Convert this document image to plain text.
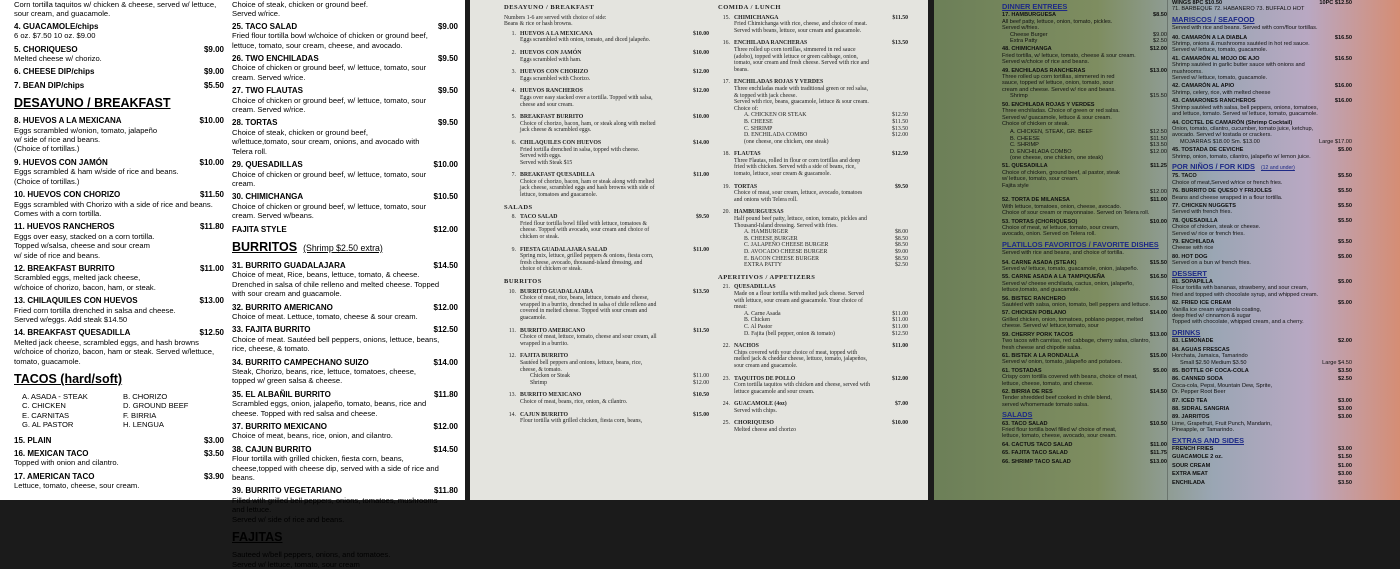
Corn tortilla taquitos w/ chicken & cheese, served w/ lettuce, sour cream, and guacamole.
4. GUACAMOLE/chips
6 oz. $7.50 10 oz. $9.00
5. CHORIQUESO	$9.00
Melted cheese w/ chorizo.
6. CHEESE DIP/chips	$9.00
7. BEAN DIP/chips	$5.50
DESAYUNO / BREAKFAST
8. HUEVOS A LA MEXICANA	$10.00
Eggs scrambled w/onion, tomato, jalapeño
w/ side of rice and beans.
(Choice of tortillas.)
9. HUEVOS CON JAMÓN	$10.00
Eggs scrambled & ham w/side of rice and beans.
(Choice of tortillas.)
10. HUEVOS CON CHORIZO	$11.50
Eggs scrambled with Chorizo with a side of rice and beans.
Comes with a corn tortilla.
11. HUEVOS RANCHEROS	$11.80
Eggs over easy, stacked on a corn tortilla.
Topped w/salsa, cheese and sour cream
w/ side of rice and beans.
12. BREAKFAST BURRITO	$11.00
Scrambled eggs, melted jack cheese,
w/choice of chorizo, bacon, ham, or steak.
13. CHILAQUILES CON HUEVOS	$13.00
Fried corn tortilla drenched in salsa and cheese.
Served w/eggs. Add steak $14.50
14. BREAKFAST QUESADILLA	$12.50
Melted jack cheese, scrambled eggs, and hash browns
w/choice of chorizo, bacon, ham or steak. Served w/lettuce,
tomato, guacamole.
TACOS (hard/soft)
A. ASADA - STEAK	B. CHORIZO
C. CHICKEN	D. GROUND BEEF
E. CARNITAS	F. BIRRIA
G. AL PASTOR	H. LENGUA
15. PLAIN	$3.00
16. MEXICAN TACO	$3.50
Topped with onion and cilantro.
17. AMERICAN TACO	$3.90
Lettuce, tomato, cheese, sour cream.
Choice of steak, chicken or ground beef.
Served w/rice.
25. TACO SALAD	$9.00
Fried flour tortilla bowl w/choice of chicken or ground beef,
lettuce, tomato, sour cream, cheese, and avocado.
26. TWO ENCHILADAS	$9.50
Choice of chicken or ground beef, w/ lettuce, tomato, sour
cream. Served w/rice.
27. TWO FLAUTAS	$9.50
Choice of chicken or ground beef, w/ lettuce, tomato, sour
cream. Served w/rice.
28. TORTAS	$9.50
Choice of steak, chicken or ground beef,
w/lettuce,tomato, sour cream, onions, and avocado with
Telera roll.
29. QUESADILLAS	$10.00
Choice of chicken or ground beef, w/ lettuce, tomato, sour
cream.
30. CHIMICHANGA	$10.50
Choice of chicken or ground beef, w/ lettuce, tomato, sour
cream. Served w/beans.
FAJITA STYLE	$12.00
BURRITOS (Shrimp $2.50 extra)
31. BURRITO GUADALAJARA	$14.50
Choice of meat, Rice, beans, lettuce, tomato, & cheese.
Drenched in salsa of chile relleno and melted cheese. Topped
with sour cream and guacamole.
32. BURRITO AMERICANO	$12.00
Choice of meat. Lettuce, tomato, cheese & sour cream.
33. FAJITA BURRITO	$12.50
Choice of meat. Sautéed bell peppers, onions, lettuce, beans,
rice, cheese, & tomato.
34. BURRITO CAMPECHANO SUIZO	$14.00
Steak, Chorizo, beans, rice, lettuce, tomatoes, cheese,
topped w/ green salsa & cheese.
35. EL ALBAÑIL BURRITO	$11.80
Scrambled eggs, onion, jalapeño, tomato, beans, rice and
cheese. Topped with red salsa and cheese.
37. BURRITO MEXICANO	$12.00
Choice of meat, beans, rice, onion, and cilantro.
38. CAJUN BURRITO	$14.50
Flour tortilla with grilled chicken, fiesta corn, beans,
cheese,topped with cheese dip, served with a side of rice and
beans.
39. BURRITO VEGETARIANO	$11.80
Filled with grilled bell peppers, onions, tomatoes, mushrooms
and lettuce.
Served w/ side of rice and beans.
FAJITAS
Sauteed w/bell peppers, onions, and tomatoes.
Served w/ lettuce, tomato, sour cream
DESAYUNO / BREAKFAST
Numbers 1-6 are served with choice of side:
Beans & rice or hash browns.
1. HUEVOS A LA MEXICANA	$10.00
Eggs scrambled with onion, tomato, and diced jalapeño.
2. HUEVOS CON JAMÓN	$10.00
Eggs scrambled with ham.
3. HUEVOS CON CHORIZO	$12.00
Eggs scrambled with Chorizo.
4. HUEVOS RANCHEROS	$12.00
Eggs over easy stacked over a tortilla. Topped with salsa,
cheese and sour cream.
5. BREAKFAST BURRITO	$10.00
Choice of chorizo, bacon, ham, or steak along with melted
jack cheese & scrambled eggs.
6. CHILAQUILES CON HUEVOS	$14.00
Fried tortilla drenched in salsa, topped with cheese.
Served with eggs.
Served with Steak $15
7. BREAKFAST QUESADILLA	$11.00
Choice of chorizo, bacon, ham or steak along with melted
jack cheese, scrambled eggs and hash browns with side of
lettuce, tomatoes and guacamole.
SALADS
8. TACO SALAD	$9.50
Fried flour tortilla bowl filled with lettuce, tomatoes &
cheese. Topped with avocado, sour cream and choice of
chicken or steak.
9. FIESTA GUADALAJARA SALAD	$11.00
Spring mix, lettuce, grilled peppers & onions, fiesta corn,
fresh cheese, avocado, thousand-island dressing, and
choice of chicken or steak.
BURRITOS
10. BURRITO GUADALAJARA	$13.50
Choice of meat, rice, beans, lettuce, tomato and cheese,
wrapped in a burrito, drenched in salsa of chile relleno and
covered in melted cheese. Topped with sour cream and
guacamole.
11. BURRITO AMERICANO	$11.50
Choice of meat, lettuce, tomato, cheese and sour cream, all
wrapped in a burrito.
12. FAJITA BURRITO
Sautéed bell peppers and onions, lettuce, beans, rice,
cheese, & tomato.
Chicken or Steak	$11.00
Shrimp	$12.00
13. BURRITO MEXICANO	$10.50
Choice of meat, beans, rice, onion, & cilantro.
14. CAJUN BURRITO	$15.00
Flour tortilla with grilled chicken, fiesta corn, beans,
COMIDA / LUNCH
15. CHIMICHANGA	$11.50
Fried Chimichanga with rice, cheese, and choice of meat.
Served with beans, lettuce, sour cream and guacamole.
16. ENCHILADA RANCHERAS	$13.50
Three rolled up corn tortillas, simmered in red sauce
(adobo), topped with lettuce or green cabbage, onion,
tomato, sour cream and fresh cheese. Served with rice and
beans.
17. ENCHILADAS ROJAS Y VERDES
Three enchiladas made with traditional green or red salsa,
& topped with jack cheese.
Served with rice, beans, guacamole, lettuce & sour cream.
Choice of:
A. CHICKEN OR STEAK	$12.50
B. CHEESE	$11.50
C. SHRIMP	$13.50
D. ENCHILADA COMBO	$12.00
(one cheese, one chicken, one steak)
18. FLAUTAS	$12.50
Three Flautas, rolled in flour or corn tortillas and deep
fried with chicken. Served with a side of beans, rice,
tomato, lettuce, sour cream & guacamole.
19. TORTAS	$9.50
Choice of meat, sour cream, lettuce, avocado, tomatoes
and onions with Telera roll.
20. HAMBURGUESAS
Half pound beef patty, lettuce, onion, tomato, pickles and
Thousand-Island dressing. Served with fries.
A. HAMBURGER	$8.00
B. CHEESE BURGER	$8.50
C. JALAPEÑO CHEESE BURGER	$8.50
D. AVOCADO CHEESE BURGER	$9.00
E. BACON CHEESE BURGER	$8.50
EXTRA PATTY	$2.50
APERITIVOS / APPETIZERS
21. QUESADILLAS
Made on a flour tortilla with melted jack cheese. Served
with lettuce, sour cream and guacamole. Your choice of
meat:
A. Carne Asada	$11.00
B. Chicken	$11.00
C. Al Pastor	$11.00
D. Fajita (bell pepper, onion & tomato)	$12.50
22. NACHOS	$11.00
Chips covered with your choice of meat, topped with
melted jack & cheddar cheese, lettuce, tomato, jalapeños,
sour cream and guacamole.
23. TAQUITOS DE POLLO	$12.00
Corn tortilla taquitos with chicken and cheese, served with
lettuce guacamole and sour cream.
24. GUACAMOLE (4oz)	$7.00
Served with chips.
25. CHORIQUESO	$10.00
Melted cheese and chorizo
DINNER ENTREES
17. HAMBURGUESA	$8.50
All beef patty, lettuce, onion, tomato, pickles.
Served w/fries.
Cheese Burger	$9.00
Extra Patty	$2.50
48. CHIMICHANGA	$12.00
Fried tortilla, w/ lettuce, tomato, cheese & sour cream.
Served w/choice of rice and beans.
49. ENCHILADAS RANCHERAS	$13.00
Three rolled up corn tortillas, simmered in red
sauce, topped w/ lettuce, onion, tomato, sour
cream and cheese. Served w/ rice and beans.
Shrimp	$15.50
50. ENCHILADA ROJAS Y VERDES
Three enchiladas. Choice of green or red salsa.
Served w/ guacamole, lettuce & sour cream.
Choice of chicken or steak.
A. CHICKEN, STEAK, GR. BEEF	$12.50
B. CHEESE	$11.50
C. SHRIMP	$13.50
D. ENCHILADA COMBO	$12.00
(one cheese, one chicken, one steak)
51. QUESADILLA	$11.25
Choice of chicken, ground beef, al pastor, steak
w/ lettuce, tomato, sour cream.
Fajita style
$12.00
52. TORTA DE MILANESA	$11.00
With lettuce, tomatoes, onion, cheese, avocado.
Choice of sour cream or mayonnaise. Served on Telera roll.
53. TORTAS (CHORIQUESO)	$10.00
Choice of meat, w/ lettuce, tomato, sour cream,
avocado, onion. Served on Telera roll.
PLATILLOS FAVORITOS / FAVORITE DISHES
Served with rice and beans, and choice of tortilla.
54. CARNE ASADA (STEAK)	$15.50
Served w/ lettuce, tomato, guacamole, onion, jalapeño.
55. CARNE ASADA A LA TAMPIQUEÑA	$16.50
Served w/ cheese enchilada, cactus, onion, jalapeño,
lettuce,tomato, and guacamole.
56. BISTEC RANCHERO	$16.50
Sautéed with salsa, onion, tomato, bell peppers and lettuce.
57. CHICKEN POBLANO	$14.00
Grilled chicken, onion, tomatoes, poblano pepper, melted
cheese. Served w/ lettuce,tomato, sour
59. CHERRY PORK TACOS	$13.00
Two tacos with carnitas, red cabbage, cherry salsa, cilantro,
fresh cheese and chipotle salsa.
61. BISTEK A LA RONDALLA	$15.00
Served w/ onion, tomato, jalapeño and potatoes.
61. TOSTADAS	$5.00
Crispy corn tortilla covered with beans, choice of meat,
lettuce, cheese, tomato, and cheese.
62. BIRRIA DE RES	$14.50
Tender shredded beef cooked in chile blend,
served w/homemade tomato salsa.
SALADS
63. TACO SALAD	$10.50
Fried flour tortilla bowl filled w/ choice of meat,
lettuce, tomato, cheese, avocado, sour cream.
64. CACTUS TACO SALAD	$11.00
65. FAJITA TACO SALAD	$11.75
66. SHRIMP TACO SALAD	$13.00
WINGS 8PC $10.50	10PC $12.50
71. BARBEQUE 72. HABANERO 73. BUFFALO HOT
MARISCOS / SEAFOOD
Served with rice and beans. Served with corn/flour tortillas.
40. CAMARÓN A LA DIABLA	$16.50
Shrimp, onions & mushrooms sautéed in hot red sauce.
Served w/ lettuce, tomato, guacamole.
41. CAMARÓN AL MOJO DE AJO	$16.50
Shrimp sautéed in garlic butter sauce with onions and
mushrooms.
Served w/ lettuce, tomato, guacamole.
42. CAMARÓN AL APIO	$16.00
Shrimp, celery, rice, with melted cheese
43. CAMARONES RANCHEROS	$16.00
Shrimp sautéed with salsa, bell peppers, onions, tomatoes,
and lettuce, tomato. Served w/ lettuce, tomato, guacamole.
44. COCTEL DE CAMARÓN (Shrimp Cocktail)
Onion, tomato, cilantro, cucumber, tomato juice, ketchup,
avocado. Served w/ tostada or crackers.
MOJARRAS $18.00 Sm. $13.00	Large $17.00
45. TOSTADA DE CEVICHE	$5.00
Shrimp, onion, tomato, cilantro, jalapeño w/ lemon juice.
POR NIÑOS / FOR KIDS (12 and under)
75. TACO	$5.50
Choice of meat,Served w/rice or french fries.
76. BURRITO DE QUESO Y FRIJOLES	$5.50
Beans and cheese wrapped in a flour tortilla.
77. CHICKEN NUGGETS	$5.50
Served with french fries.
78. QUESADILLA	$5.50
Choice of chicken, steak or cheese.
Served w/ rice or french fries.
79. ENCHILADA	$5.50
Cheese with rice
80. HOT DOG	$5.00
Served on a bun w/ french fries.
DESSERT
81. SOPAPILLA	$5.00
Flour tortilla with bananas, strawberry, and sour cream,
fried and topped with chocolate syrup, and whipped cream.
82. FRIED ICE CREAM	$5.00
Vanilla ice cream w/granola coating,
deep fried w/ cinnamon & sugar
Topped with chocolate, whipped cream, and a cherry.
DRINKS
83. LEMONADE	$2.00
84. AGUAS FRESCAS
Horchata, Jamaica, Tamarindo
Small $2.50 Medium $3.50	Large $4.50
85. BOTTLE OF COCA-COLA	$3.50
86. CANNED SODA	$2.50
Coca-cola, Pepsi, Mountain Dew, Sprite,
Dr. Pepper Root Beer
87. ICED TEA	$3.00
88. SIDRAL SANGRIA	$3.00
89. JARRITOS	$3.00
Lime, Grapefruit, Fruit Punch, Mandarin,
Pineapple, or Tamarindo.
EXTRAS AND SIDES
FRENCH FRIES	$3.00
GUACAMOLE 2 oz.	$1.50
SOUR CREAM	$1.00
EXTRA MEAT	$3.00
ENCHILADA	$3.50
